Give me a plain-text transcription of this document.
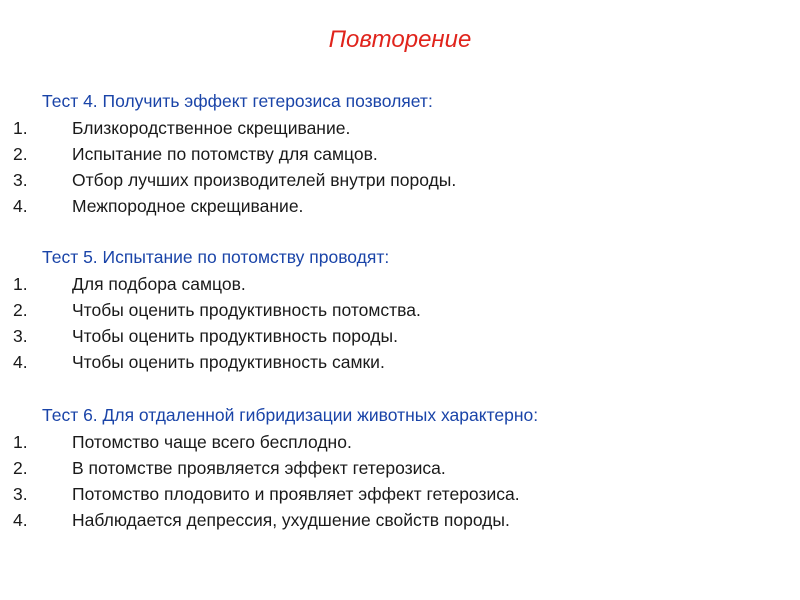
Повторение
Тест 4. Получить эффект гетерозиса позволяет:
1.	Близкородственное скрещивание.
2.	Испытание по потомству для самцов.
3.	Отбор лучших производителей внутри породы.
4.	Межпородное скрещивание.
Тест 5. Испытание по потомству проводят:
1.	Для подбора самцов.
2.	Чтобы оценить продуктивность потомства.
3.	Чтобы оценить продуктивность породы.
4.	Чтобы оценить продуктивность самки.
Тест 6. Для отдаленной гибридизации животных характерно:
1.	Потомство чаще всего бесплодно.
2.	В потомстве проявляется эффект гетерозиса.
3.	Потомство плодовито и проявляет эффект гетерозиса.
4.	Наблюдается депрессия, ухудшение свойств породы.
